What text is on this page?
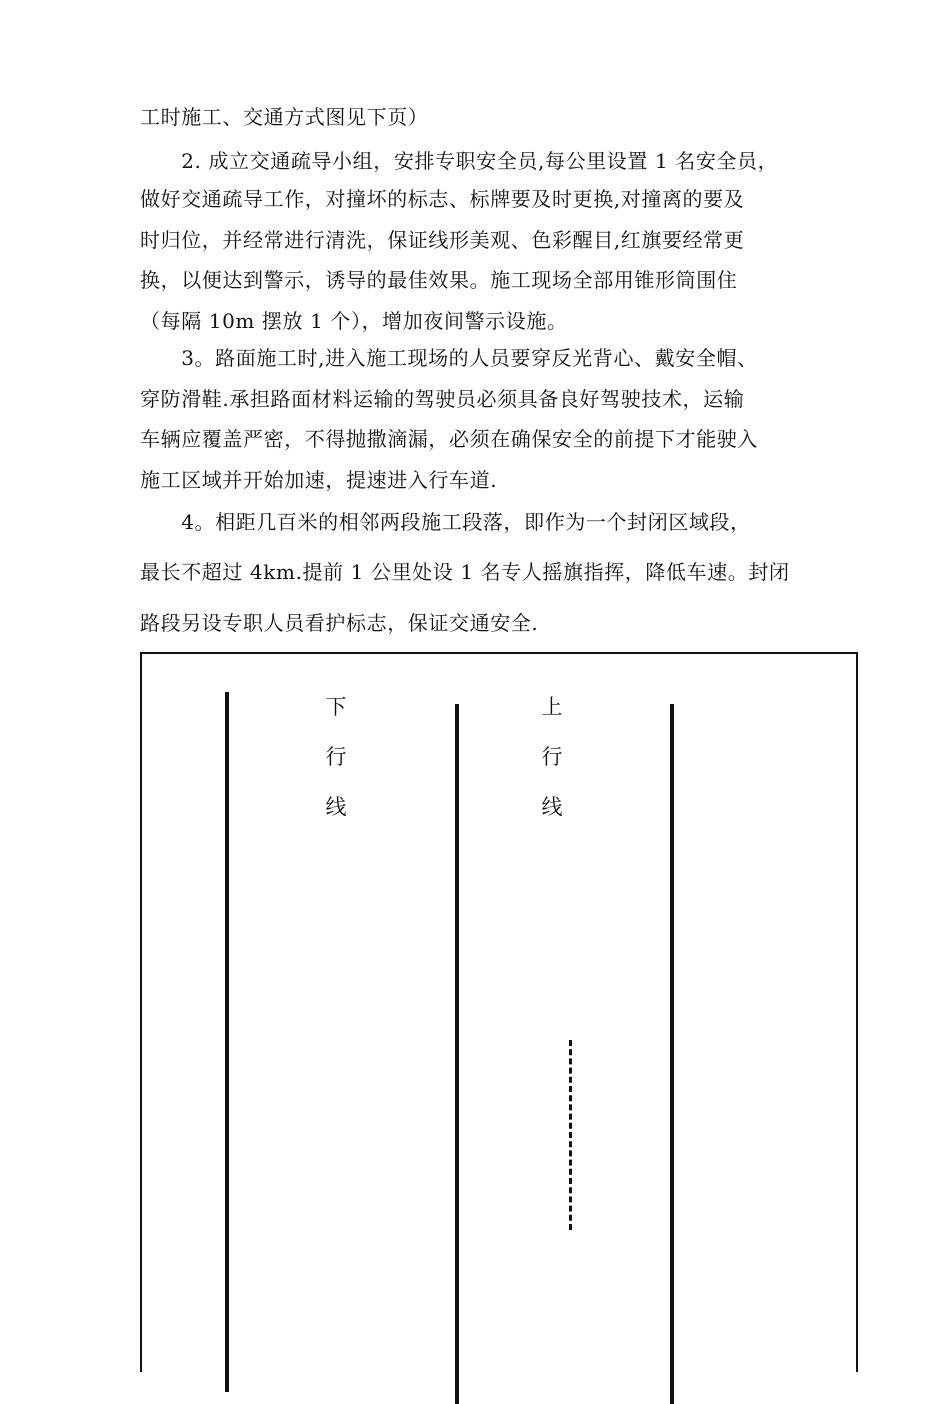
工时施工、交通方式图见下页）
　　2. 成立交通疏导小组，安排专职安全员,每公里设置 1 名安全员，
做好交通疏导工作，对撞坏的标志、标牌要及时更换,对撞离的要及
时归位，并经常进行清洗，保证线形美观、色彩醒目,红旗要经常更
换，以便达到警示，诱导的最佳效果。施工现场全部用锥形筒围住
（每隔 10m 摆放 1 个），增加夜间警示设施。
　　3。路面施工时,进入施工现场的人员要穿反光背心、戴安全帽、
穿防滑鞋.承担路面材料运输的驾驶员必须具备良好驾驶技术，运输
车辆应覆盖严密，不得抛撒滴漏，必须在确保安全的前提下才能驶入
施工区域并开始加速，提速进入行车道.
　　4。相距几百米的相邻两段施工段落，即作为一个封闭区域段，
最长不超过 4km.提前 1 公里处设 1 名专人摇旗指挥，降低车速。封闭
路段另设专职人员看护标志，保证交通安全.
下
行
线
上
行
线
